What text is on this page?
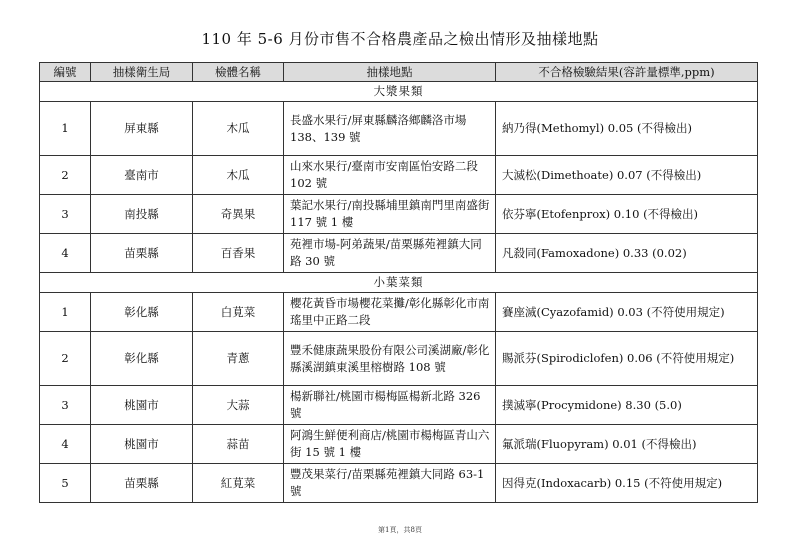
110 年 5-6 月份市售不合格農產品之檢出情形及抽樣地點
編號	抽樣衛生局	檢體名稱	抽樣地點	不合格檢驗結果(容許量標準,ppm)
大漿果類				
1	屏東縣	木瓜	長盛水果行/屏東縣麟洛鄉麟洛市場 138、139 號	納乃得(Methomyl) 0.05 (不得檢出)
2	臺南市	木瓜	山來水果行/臺南市安南區怡安路二段 102 號	大滅松(Dimethoate) 0.07 (不得檢出)
3	南投縣	奇異果	葉記水果行/南投縣埔里鎮南門里南盛街 117 號 1 樓	依芬寧(Etofenprox) 0.10 (不得檢出)
4	苗栗縣	百香果	苑裡市場-阿弟蔬果/苗栗縣苑裡鎮大同路 30 號	凡殺同(Famoxadone) 0.33 (0.02)
小葉菜類				
1	彰化縣	白莧菜	櫻花黃昏市場櫻花菜攤/彰化縣彰化市南瑤里中正路二段	賽座滅(Cyazofamid) 0.03 (不符使用規定)
2	彰化縣	青蔥	豐禾健康蔬果股份有限公司溪湖廠/彰化縣溪湖鎮東溪里榕樹路 108 號	賜派芬(Spirodiclofen) 0.06 (不符使用規定)
3	桃園市	大蒜	楊新聯社/桃園市楊梅區楊新北路 326 號	撲滅寧(Procymidone) 8.30 (5.0)
4	桃園市	蒜苗	阿鴻生鮮便利商店/桃園市楊梅區青山六街 15 號 1 樓	氟派瑞(Fluopyram) 0.01 (不得檢出)
5	苗栗縣	紅莧菜	豐茂果菜行/苗栗縣苑裡鎮大同路 63-1 號	因得克(Indoxacarb) 0.15 (不符使用規定)
第1頁，共8頁
